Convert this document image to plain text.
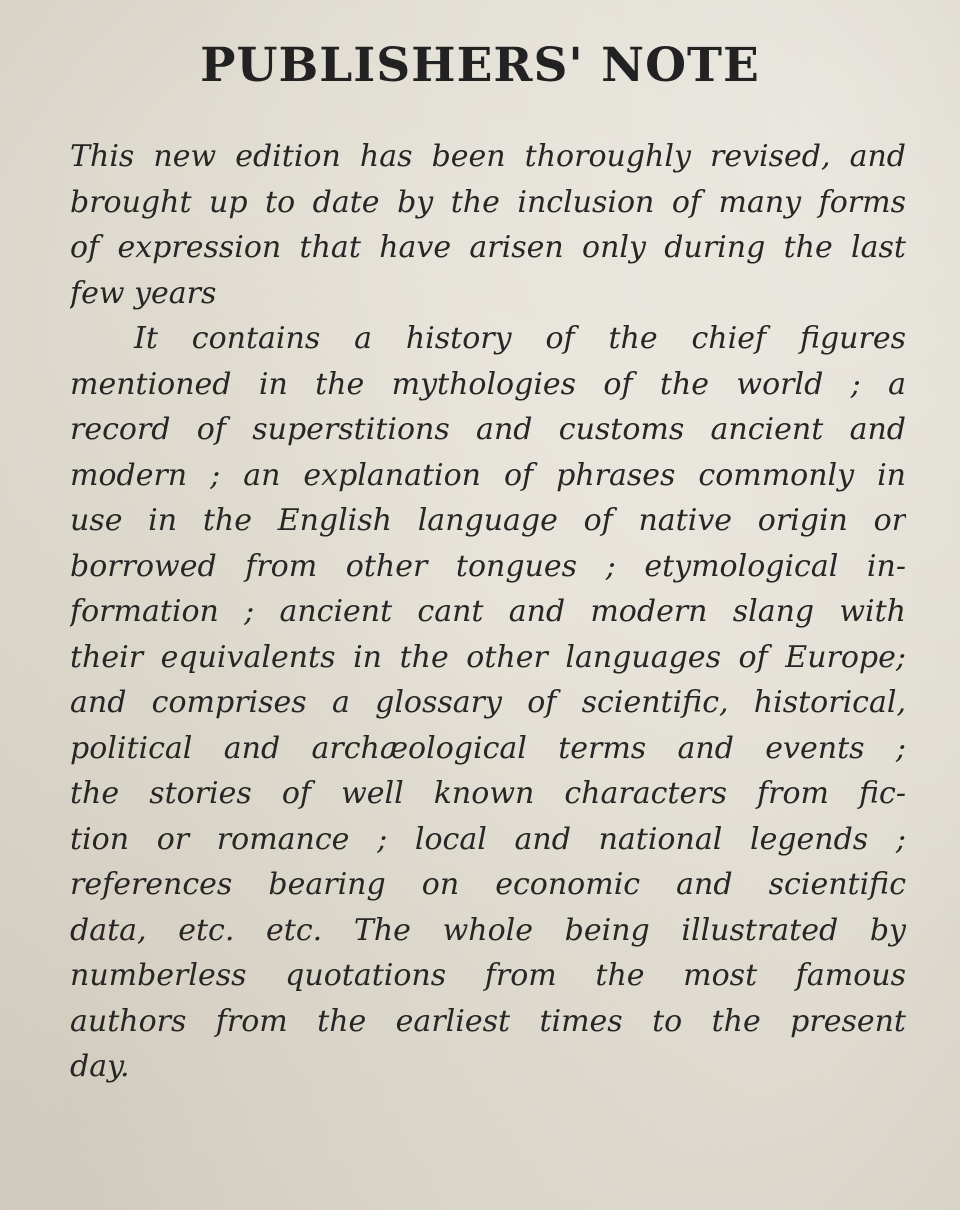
PUBLISHERS' NOTE
This new edition has been thoroughly revised, and
brought up to date by the inclusion of many forms
of expression that have arisen only during the last
few years
It contains a history of the chief figures
mentioned in the mythologies of the world ; a
record of superstitions and customs ancient and
modern ; an explanation of phrases commonly in
use in the English language of native origin or
borrowed from other tongues ; etymological in-
formation ; ancient cant and modern slang with
their equivalents in the other languages of Europe;
and comprises a glossary of scientific, historical,
political and archæological terms and events ;
the stories of well known characters from fic-
tion or romance ; local and national legends ;
references bearing on economic and scientific
data, etc. etc. The whole being illustrated by
numberless quotations from the most famous
authors from the earliest times to the present
day.
